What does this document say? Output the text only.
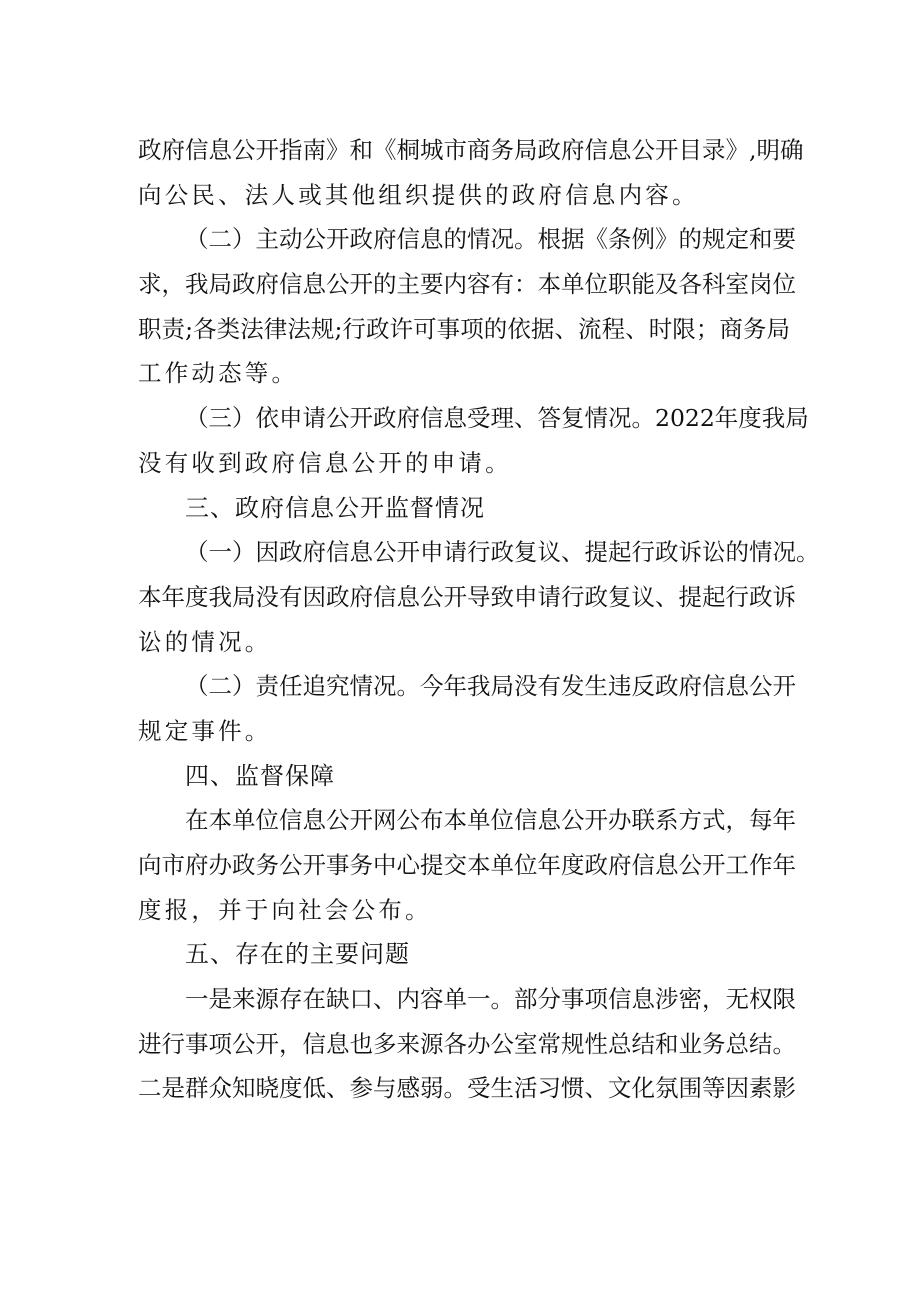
政府信息公开指南》和《桐城市商务局政府信息公开目录》,明确
向公民、法人或其他组织提供的政府信息内容。
（二）主动公开政府信息的情况。根据《条例》的规定和要
求，我局政府信息公开的主要内容有：本单位职能及各科室岗位
职责;各类法律法规;行政许可事项的依据、流程、时限；商务局
工作动态等。
（三）依申请公开政府信息受理、答复情况。2022年度我局
没有收到政府信息公开的申请。
三、政府信息公开监督情况
（一）因政府信息公开申请行政复议、提起行政诉讼的情况。
本年度我局没有因政府信息公开导致申请行政复议、提起行政诉
讼的情况。
（二）责任追究情况。今年我局没有发生违反政府信息公开
规定事件。
四、监督保障
在本单位信息公开网公布本单位信息公开办联系方式，每年
向市府办政务公开事务中心提交本单位年度政府信息公开工作年
度报，并于向社会公布。
五、存在的主要问题
一是来源存在缺口、内容单一。部分事项信息涉密，无权限
进行事项公开，信息也多来源各办公室常规性总结和业务总结。
二是群众知晓度低、参与感弱。受生活习惯、文化氛围等因素影
